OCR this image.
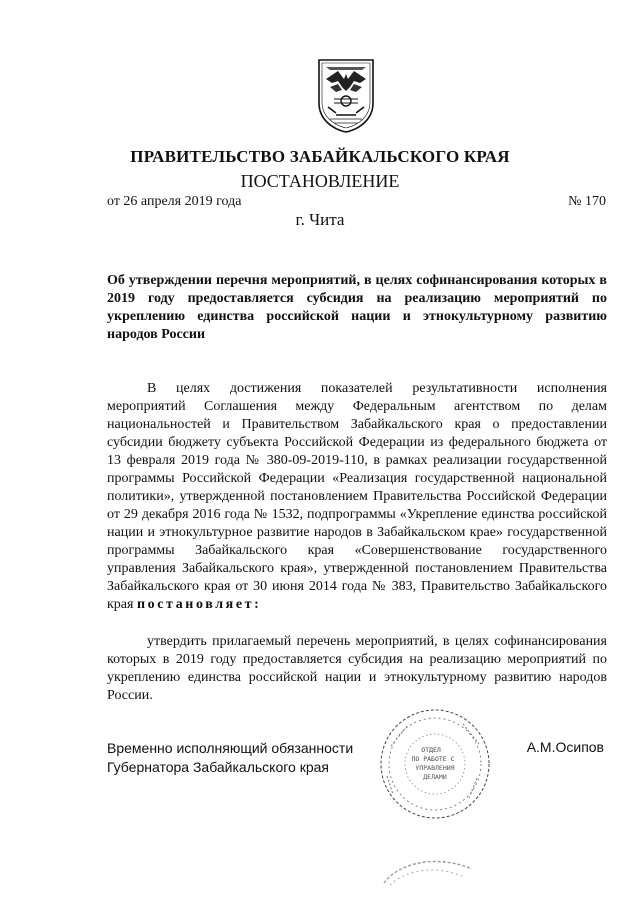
ПРАВИТЕЛЬСТВО ЗАБАЙКАЛЬСКОГО КРАЯ
ПОСТАНОВЛЕНИЕ
от 26 апреля 2019 года	№ 170
г. Чита
Об утверждении перечня мероприятий, в целях софинансирования которых в 2019 году предоставляется субсидия на реализацию мероприятий по укреплению единства российской нации и этнокультурному развитию народов России
В целях достижения показателей результативности исполнения мероприятий Соглашения между Федеральным агентством по делам национальностей и Правительством Забайкальского края о предоставлении субсидии бюджету субъекта Российской Федерации из федерального бюджета от 13 февраля 2019 года № 380-09-2019-110, в рамках реализации государственной программы Российской Федерации «Реализация государственной национальной политики», утвержденной постановлением Правительства Российской Федерации от 29 декабря 2016 года № 1532, подпрограммы «Укрепление единства российской нации и этнокультурное развитие народов в Забайкальском крае» государственной программы Забайкальского края «Совершенствование государственного управления Забайкальского края», утвержденной постановлением Правительства Забайкальского края от 30 июня 2014 года № 383, Правительство Забайкальского края постановляет:
утвердить прилагаемый перечень мероприятий, в целях софинансирования которых в 2019 году предоставляется субсидия на реализацию мероприятий по укреплению единства российской нации и этнокультурному развитию народов России.
Временно исполняющий обязанности
Губернатора Забайкальского края
А.М.Осипов
ОТДЕЛ
ПО РАБОТЕ С
УПРАВЛЕНИЯ
ДЕЛАМИ
